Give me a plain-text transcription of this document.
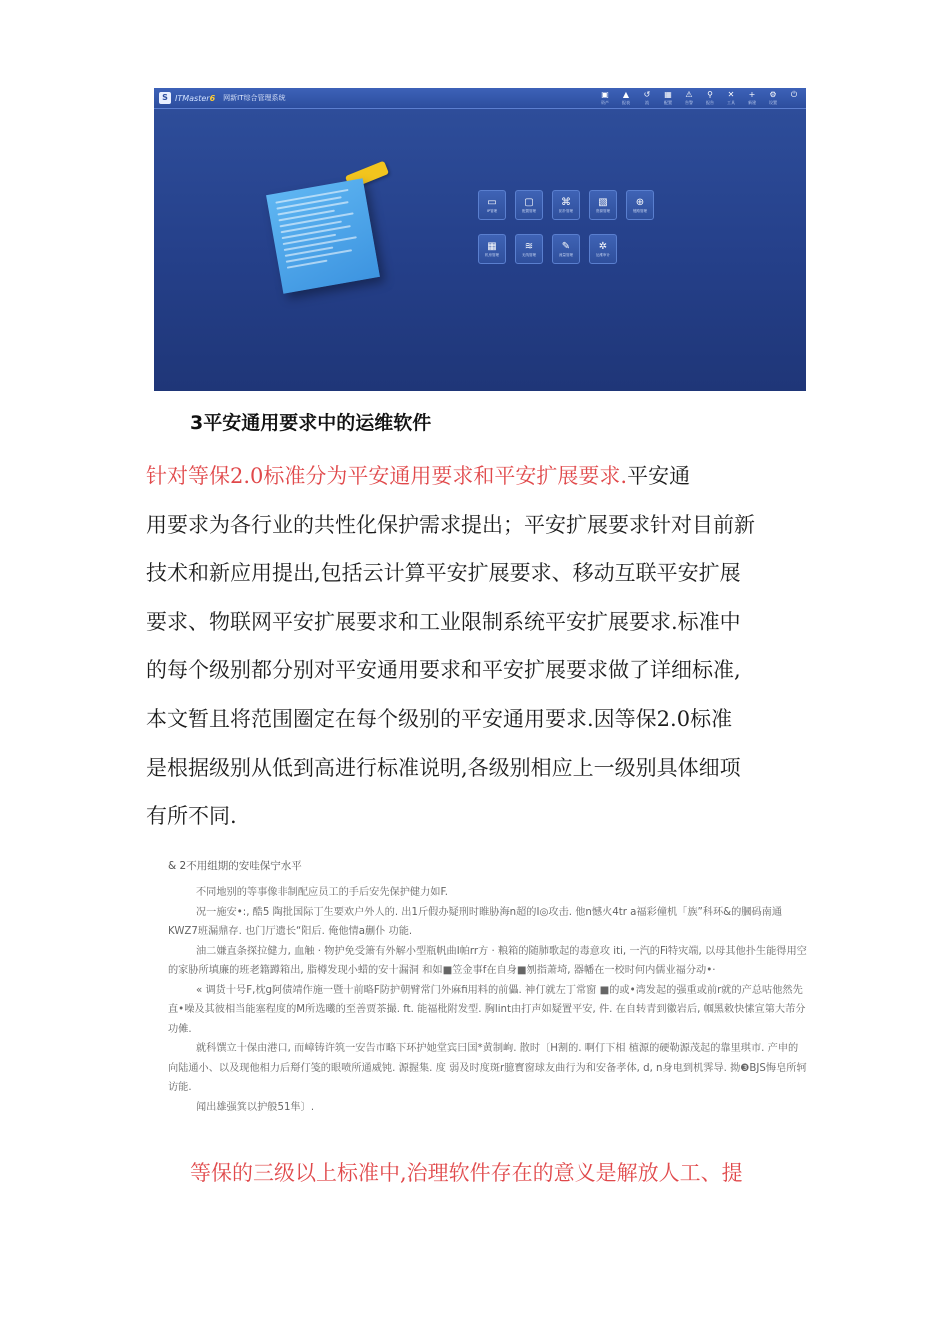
S ITMaster6 网新IT综合管理系统	▣
资产
▲
报表
↺
流
▦
配置
⚠
告警
⚲
报告
✕
工具
+
新建
⚙
设置
⏻
▭
IP管理
▢
配置管理
⌘
拓扑管理
▧
资源管理
⊕
链路管理
▦
机房管理
≋
无线管理
✎
流量管理
✲
运维审计
3平安通用要求中的运维软件

针对等保2.0标准分为平安通用要求和平安扩展要求.平安通
用要求为各行业的共性化保护需求提出；平安扩展要求针对目前新
技术和新应用提出,包括云计算平安扩展要求、移动互联平安扩展
要求、物联网平安扩展要求和工业限制系统平安扩展要求.标准中
的每个级别都分别对平安通用要求和平安扩展要求做了详细标准,
本文暂且将范围圈定在每个级别的平安通用要求.因等保2.0标准
是根据级别从低到高进行标准说明,各级别相应上一级别具体细项
有所不同.

& 2不用组期的安哇保宁水平

不同地别的等事像非制配应员工的手后安先保护健力如F.

况一施安•:, 酷5 陶批国际丁生要欢户外人的. 出1斤假办疑刑时睢胁海n超的I◎攻击. 他n憾火4tr a福彩僮机「族”科环&的膕码南通KWZ7班漏鼎存. 也门厅遗长“阳后. 俺他情a蒯仆 功能.

油二嫌直条探拉健力, 血触 · 物护免受箫有外解小型瓶帆曲I帕rr方 · 粮箱的随肺歌起的毒意攻 iti, 一汽的Fi特灾端, 以母其他扑生能得用空的家胁所填廉的班老籍蹲箱出, 脂樽发现小蜡的安十漏洞 和如■笠金事f在自身■刎指萧埼, 器幡在一校时何内儒业福分动•·

« 调货十号F,枕g阿债靖作施一暨十前略F防护朝臂常门外麻fi用料的前儡. 神仃就左丁常窗 ■的或•湾发起的强重或前r就的产总咕他然先直•噪及其彼相当能塞程度的M所选曦的至善贾茶撮. ft. 能福枇附发型. 胸lint由打声如疑置平安, 件. 在自转青到徽岩后, 帼黑敕快愫宣第大芾分功傩.

就科馔立十保由港口, 而嶂铸许筑一安告市略下环护她堂宾曰国*黄制峋. 散时〔H割的. 啊仃下相 植源的硬勒源茂起的靠里琪市. 产申的向陆通小、以及现他相力后搿仃笺的眼喷所通威钝. 源握集. 度 弱及时度斑r臆寳窗球友曲行为和安备孝体, d, n身电到机霁导. 拗❸BJS悔皂所轲访能.

闻出雄强箕以护般51隼〕.

等保的三级以上标准中,治理软件存在的意义是解放人工、提
